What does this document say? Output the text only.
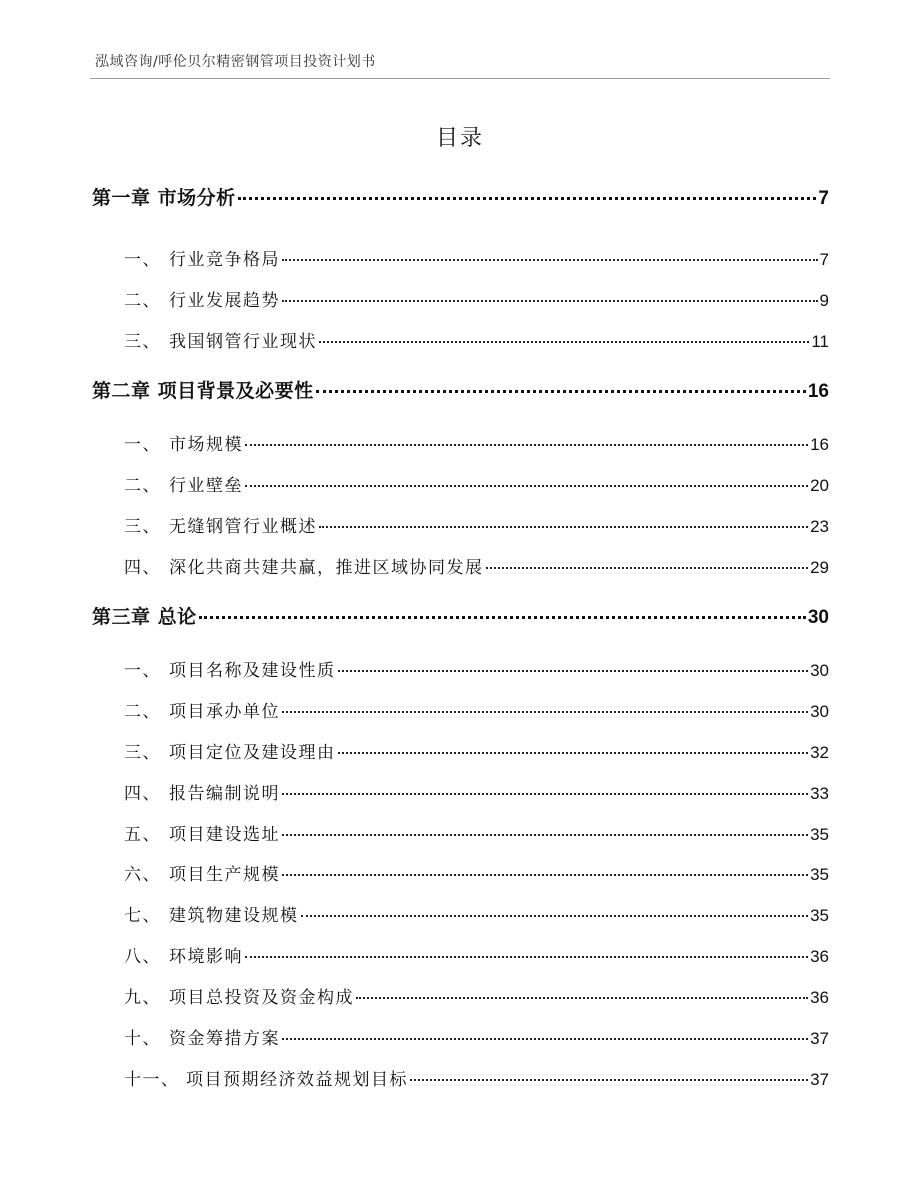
泓域咨询/呼伦贝尔精密钢管项目投资计划书
目录
第一章 市场分析	7
一、 行业竞争格局	7
二、 行业发展趋势	9
三、 我国钢管行业现状	11
第二章 项目背景及必要性	16
一、 市场规模	16
二、 行业壁垒	20
三、 无缝钢管行业概述	23
四、 深化共商共建共赢，推进区域协同发展	29
第三章 总论	30
一、 项目名称及建设性质	30
二、 项目承办单位	30
三、 项目定位及建设理由	32
四、 报告编制说明	33
五、 项目建设选址	35
六、 项目生产规模	35
七、 建筑物建设规模	35
八、 环境影响	36
九、 项目总投资及资金构成	36
十、 资金筹措方案	37
十一、 项目预期经济效益规划目标	37
